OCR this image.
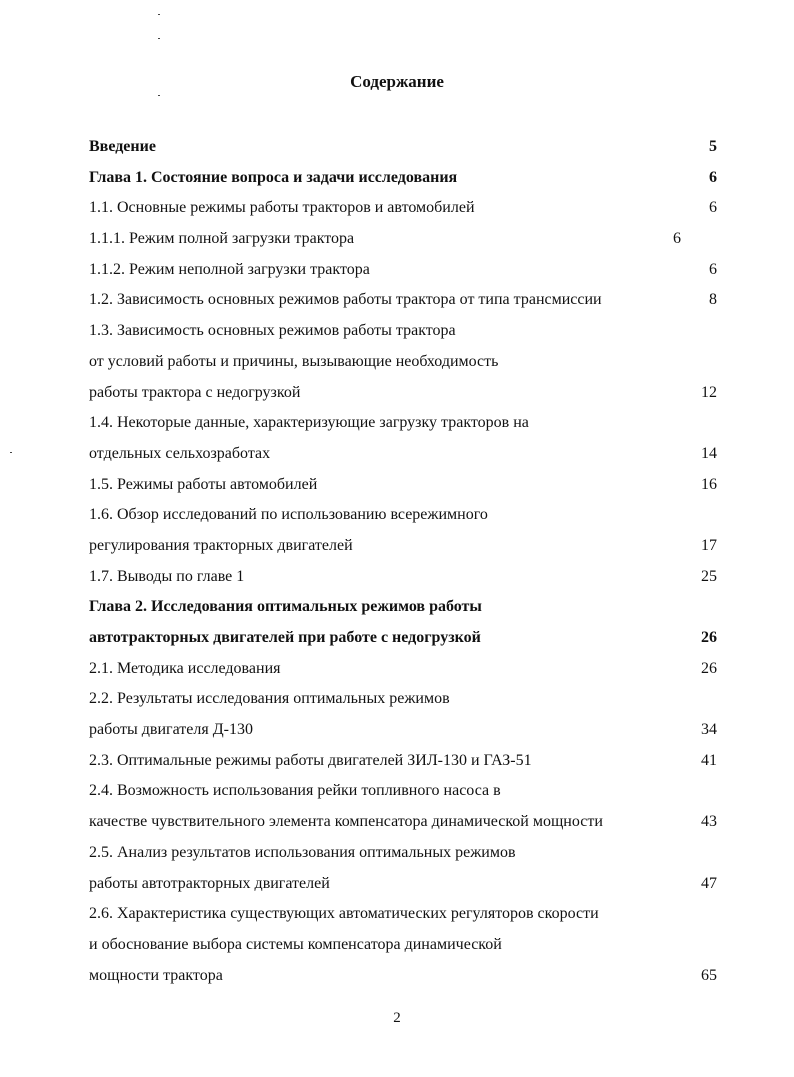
Содержание
Введение	5
Глава 1. Состояние вопроса и задачи исследования	6
1.1. Основные режимы работы тракторов и автомобилей	6
1.1.1. Режим полной загрузки трактора	6
1.1.2. Режим неполной загрузки трактора	6
1.2. Зависимость основных режимов работы трактора от типа трансмиссии	8
1.3. Зависимость основных режимов работы трактора
от условий работы и причины, вызывающие необходимость
работы трактора с недогрузкой	12
1.4. Некоторые данные, характеризующие загрузку тракторов на
отдельных сельхозработах	14
1.5. Режимы работы автомобилей	16
1.6. Обзор исследований по использованию всережимного
регулирования тракторных двигателей	17
1.7. Выводы по главе 1	25
Глава 2. Исследования оптимальных режимов работы
автотракторных двигателей при работе с недогрузкой	26
2.1. Методика исследования	26
2.2. Результаты исследования оптимальных режимов
работы двигателя Д-130	34
2.3. Оптимальные режимы работы двигателей ЗИЛ-130 и ГАЗ-51	41
2.4. Возможность использования рейки топливного насоса в
качестве чувствительного элемента компенсатора динамической мощности	43
2.5. Анализ результатов использования оптимальных режимов
работы автотракторных двигателей	47
2.6. Характеристика существующих автоматических регуляторов скорости
и обоснование выбора системы компенсатора динамической
мощности трактора	65
2
